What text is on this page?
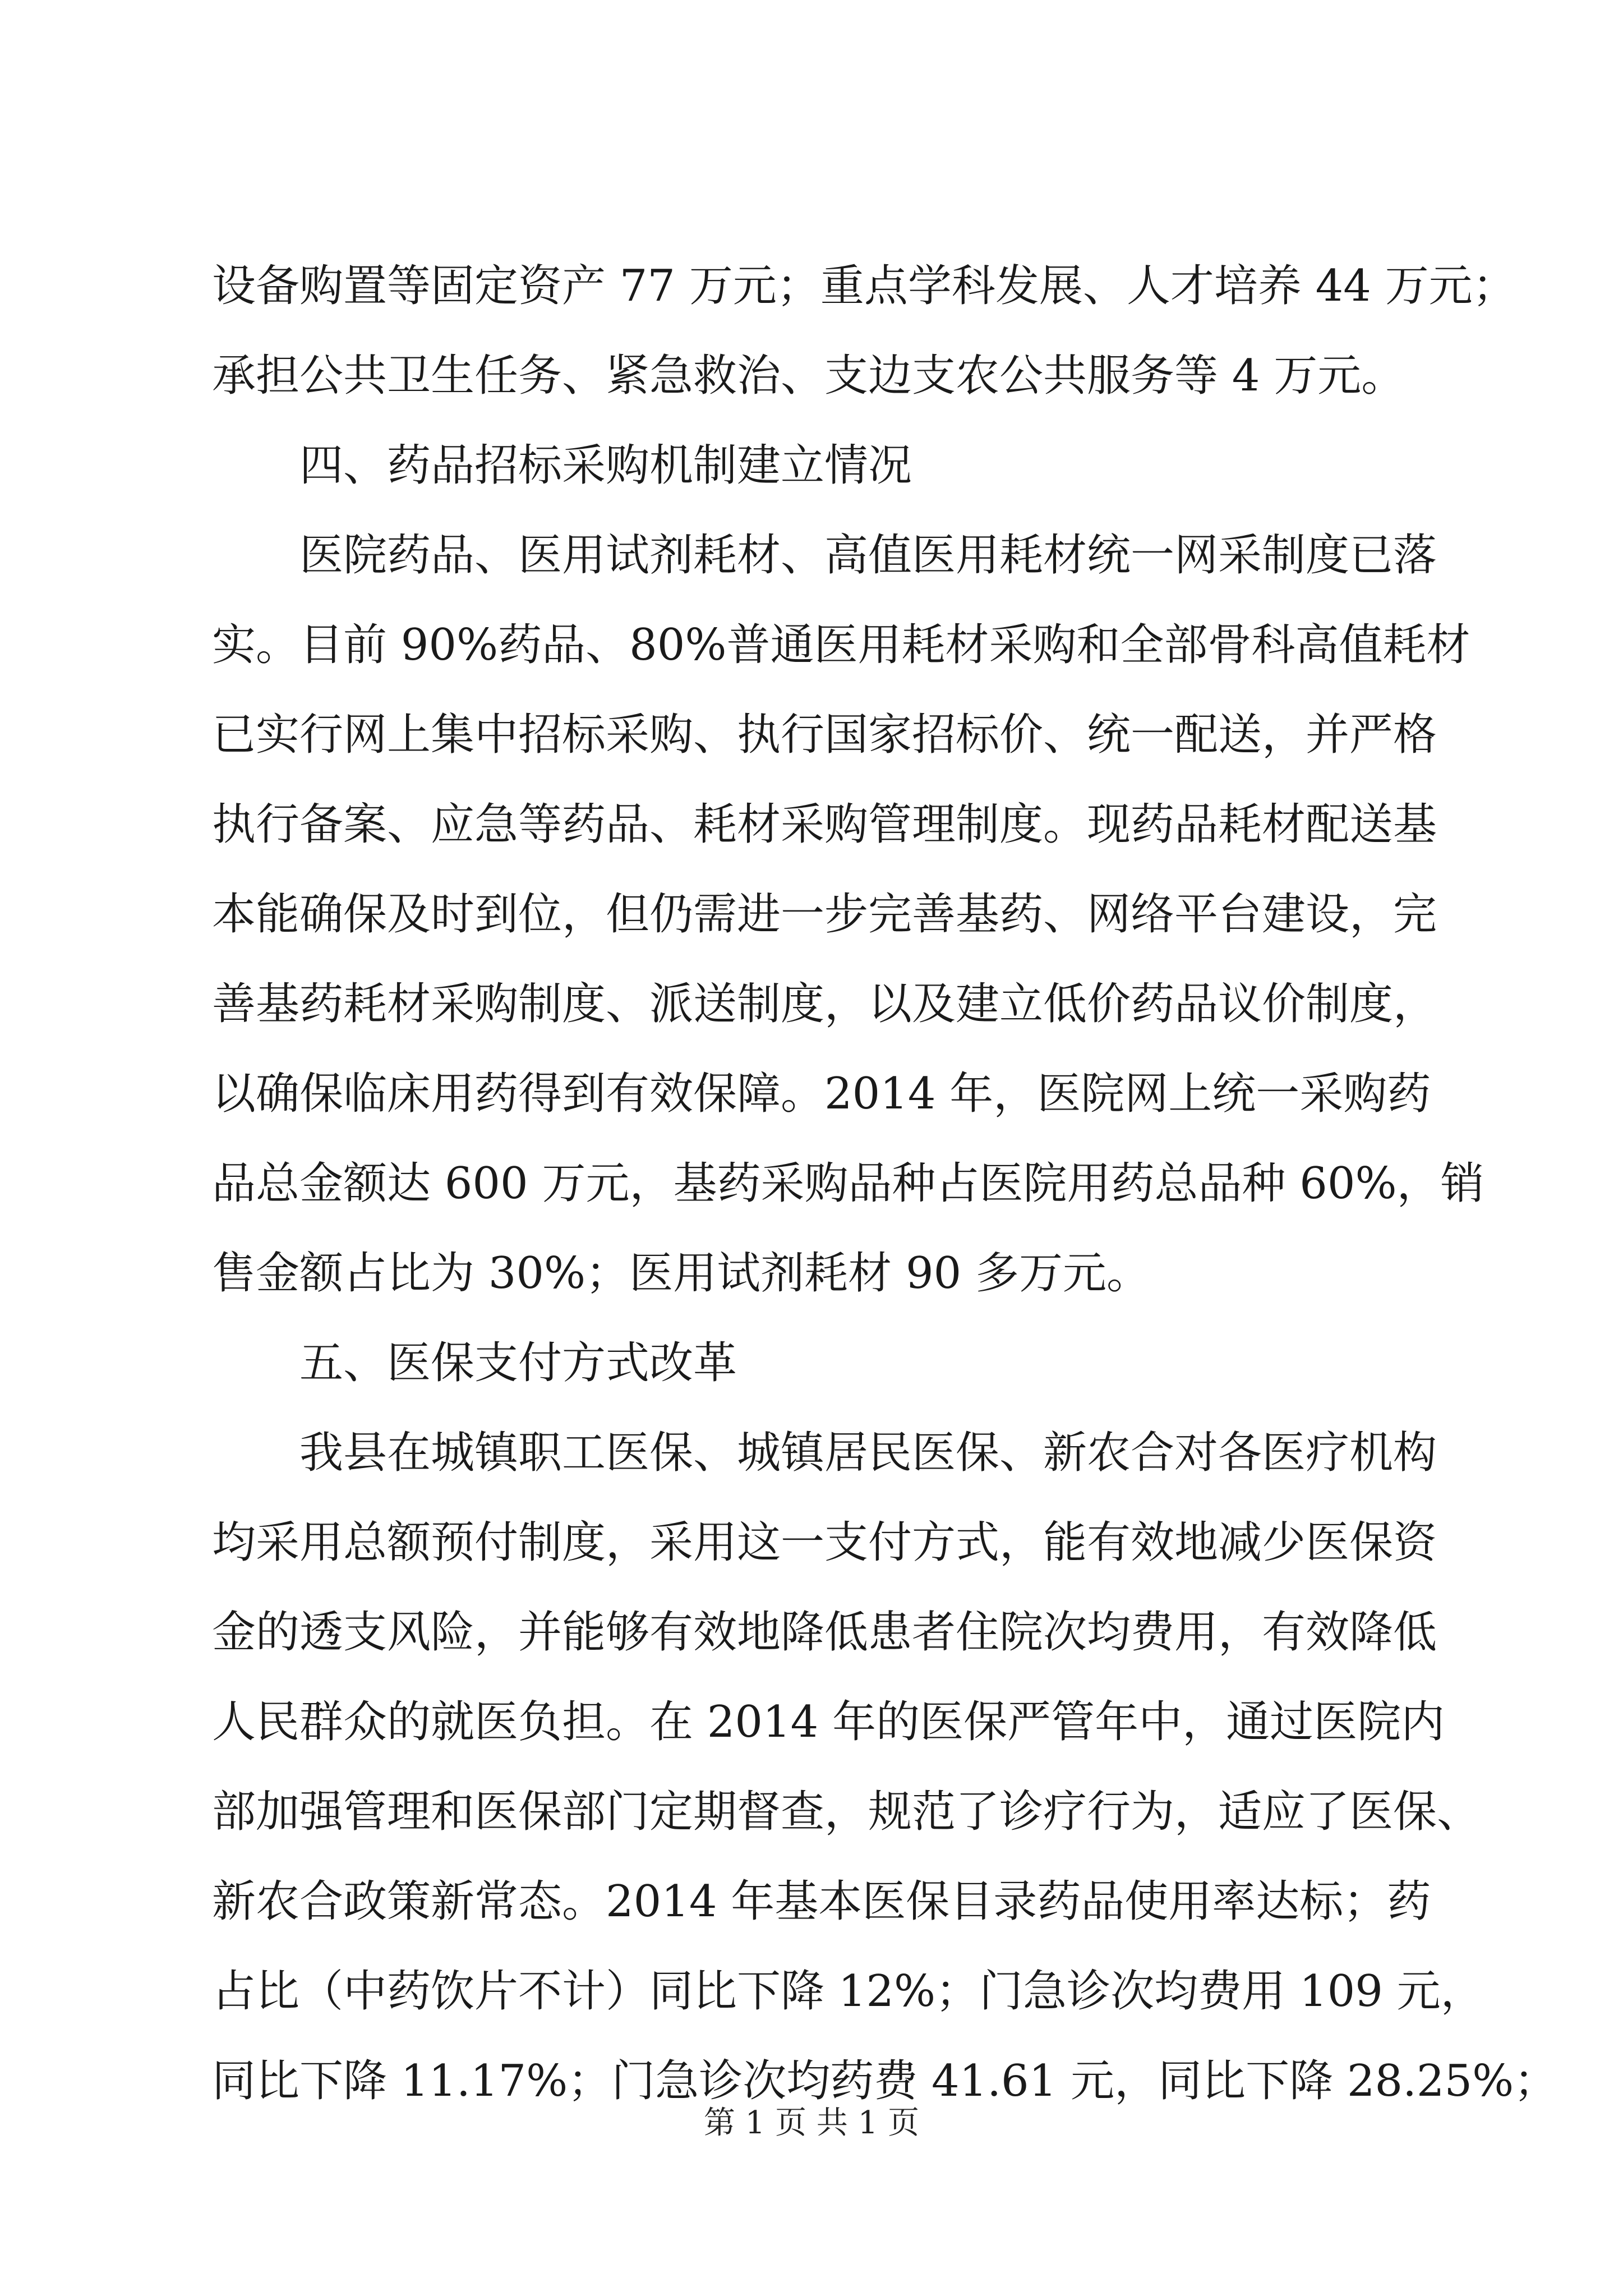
设备购置等固定资产 77 万元；重点学科发展、人才培养 44 万元；
承担公共卫生任务、紧急救治、支边支农公共服务等 4 万元。
四、药品招标采购机制建立情况
医院药品、医用试剂耗材、高值医用耗材统一网采制度已落
实。目前 90%药品、80%普通医用耗材采购和全部骨科高值耗材
已实行网上集中招标采购、执行国家招标价、统一配送，并严格
执行备案、应急等药品、耗材采购管理制度。现药品耗材配送基
本能确保及时到位，但仍需进一步完善基药、网络平台建设，完
善基药耗材采购制度、派送制度，以及建立低价药品议价制度，
以确保临床用药得到有效保障。2014 年，医院网上统一采购药
品总金额达 600 万元，基药采购品种占医院用药总品种 60%，销
售金额占比为 30%；医用试剂耗材 90 多万元。
五、医保支付方式改革
我县在城镇职工医保、城镇居民医保、新农合对各医疗机构
均采用总额预付制度，采用这一支付方式，能有效地减少医保资
金的透支风险，并能够有效地降低患者住院次均费用，有效降低
人民群众的就医负担。在 2014 年的医保严管年中，通过医院内
部加强管理和医保部门定期督查，规范了诊疗行为，适应了医保、
新农合政策新常态。2014 年基本医保目录药品使用率达标；药
占比（中药饮片不计）同比下降 12%；门急诊次均费用 109 元，
同比下降 11.17%；门急诊次均药费 41.61 元，同比下降 28.25%；
第 1 页 共 1 页
